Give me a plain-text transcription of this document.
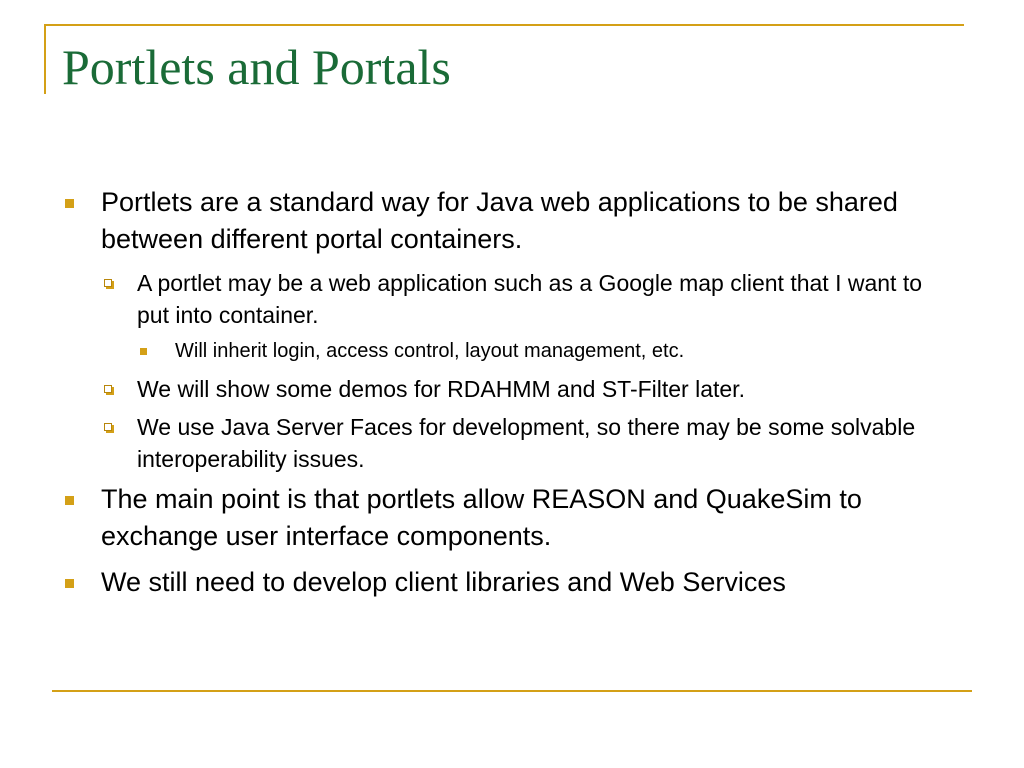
Portlets and Portals
Portlets are a standard way for Java web applications to be shared between different portal containers.
A portlet may be a web application such as a Google map client that I want to put into container.
Will inherit login, access control, layout management, etc.
We will show some demos for RDAHMM and ST-Filter later.
We use Java Server Faces for development, so there may be some solvable interoperability issues.
The main point is that portlets allow REASON and QuakeSim to exchange user interface components.
We still need to develop client libraries and Web Services
